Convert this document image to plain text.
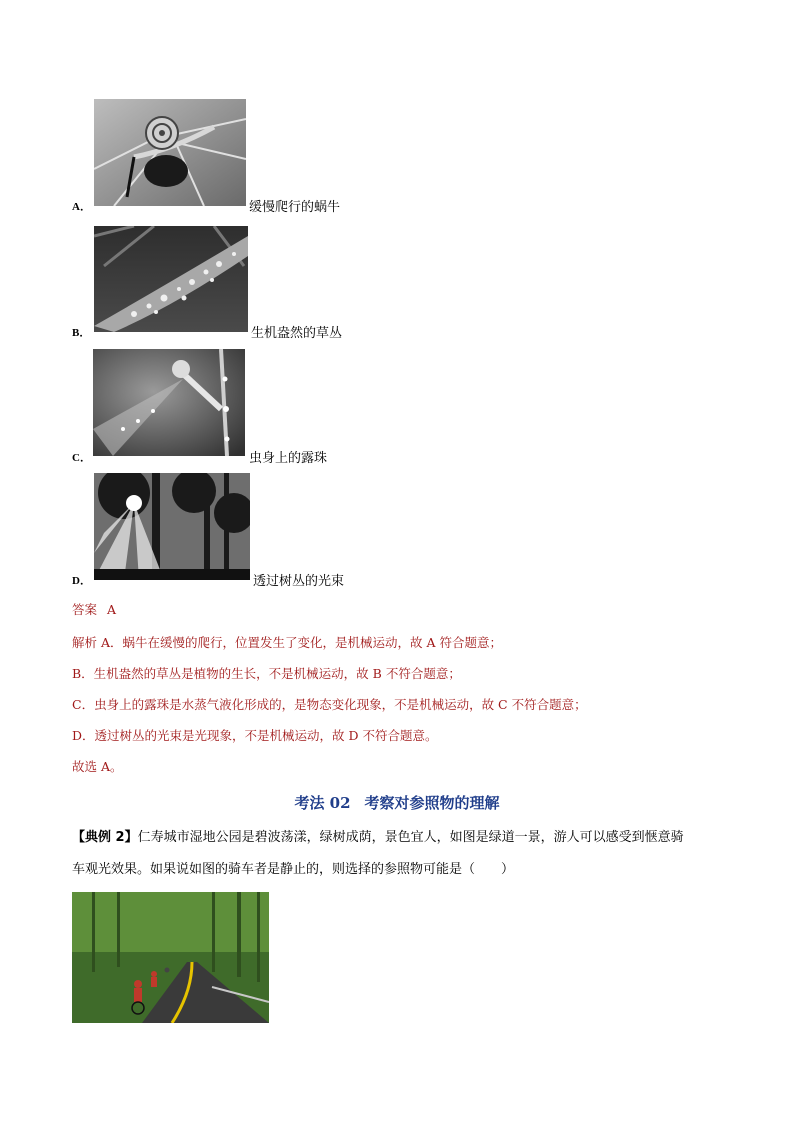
A．	缓慢爬行的蜗牛
B．	生机盎然的草丛
C．	虫身上的露珠
D．	透过树丛的光束
答案 A
解析 A．蜗牛在缓慢的爬行，位置发生了变化，是机械运动，故 A 符合题意；
B．生机盎然的草丛是植物的生长，不是机械运动，故 B 不符合题意；
C．虫身上的露珠是水蒸气液化形成的，是物态变化现象，不是机械运动，故 C 不符合题意；
D．透过树丛的光束是光现象，不是机械运动，故 D 不符合题意。
故选 A。
考法 02 考察对参照物的理解
【典例 2】仁寿城市湿地公园是碧波荡漾，绿树成荫，景色宜人，如图是绿道一景，游人可以感受到惬意骑
车观光效果。如果说如图的骑车者是静止的，则选择的参照物可能是（　　）
